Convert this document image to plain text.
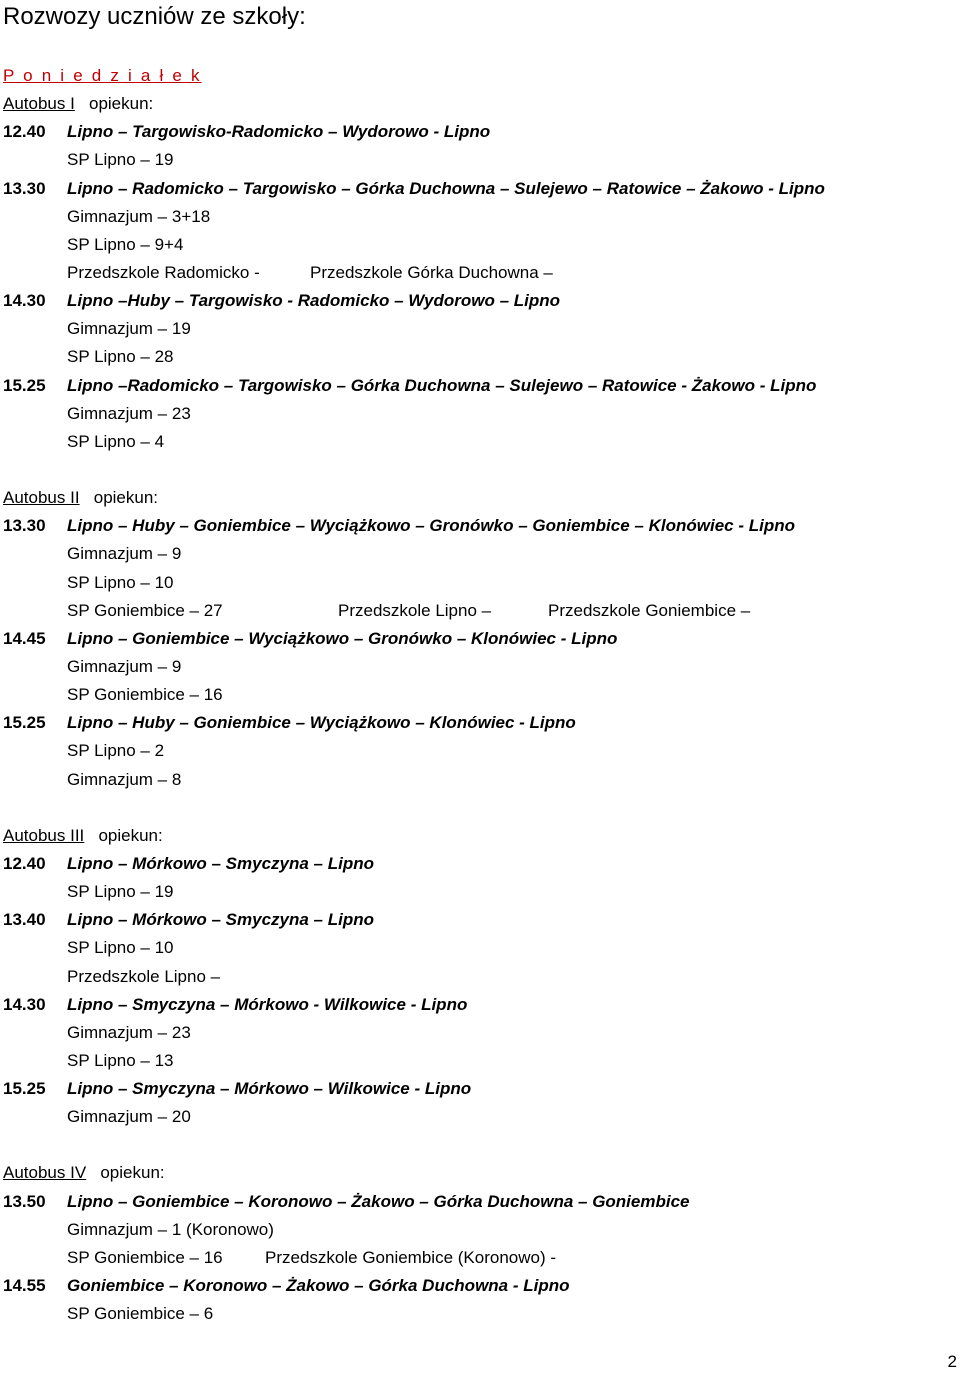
Rozwozy uczniów ze szkoły:
P o n i e d z i a ł e k
Autobus I opiekun:
12.40 Lipno – Targowisko-Radomicko – Wydorowo - Lipno
SP Lipno – 19
13.30 Lipno – Radomicko – Targowisko – Górka Duchowna – Sulejewo – Ratowice – Żakowo - Lipno
Gimnazjum – 3+18
SP Lipno – 9+4
Przedszkole Radomicko -	Przedszkole Górka Duchowna –
14.30 Lipno –Huby – Targowisko - Radomicko – Wydorowo – Lipno
Gimnazjum – 19
SP Lipno – 28
15.25 Lipno –Radomicko – Targowisko – Górka Duchowna – Sulejewo – Ratowice - Żakowo - Lipno
Gimnazjum – 23
SP Lipno – 4
Autobus II opiekun:
13.30 Lipno – Huby – Goniembice – Wyciążkowo – Gronówko – Goniembice – Klonówiec - Lipno
Gimnazjum – 9
SP Lipno – 10
SP Goniembice – 27	Przedszkole Lipno –	Przedszkole Goniembice –
14.45 Lipno – Goniembice – Wyciążkowo – Gronówko – Klonówiec - Lipno
Gimnazjum – 9
SP Goniembice – 16
15.25 Lipno – Huby – Goniembice – Wyciążkowo – Klonówiec - Lipno
SP Lipno – 2
Gimnazjum – 8
Autobus III opiekun:
12.40 Lipno – Mórkowo – Smyczyna – Lipno
SP Lipno – 19
13.40 Lipno – Mórkowo – Smyczyna – Lipno
SP Lipno – 10
Przedszkole Lipno –
14.30 Lipno – Smyczyna – Mórkowo - Wilkowice - Lipno
Gimnazjum – 23
SP Lipno – 13
15.25 Lipno – Smyczyna – Mórkowo – Wilkowice - Lipno
Gimnazjum – 20
Autobus IV opiekun:
13.50 Lipno – Goniembice – Koronowo – Żakowo – Górka Duchowna – Goniembice
Gimnazjum – 1 (Koronowo)
SP Goniembice – 16 Przedszkole Goniembice (Koronowo) -
14.55 Goniembice – Koronowo – Żakowo – Górka Duchowna - Lipno
SP Goniembice – 6
2
